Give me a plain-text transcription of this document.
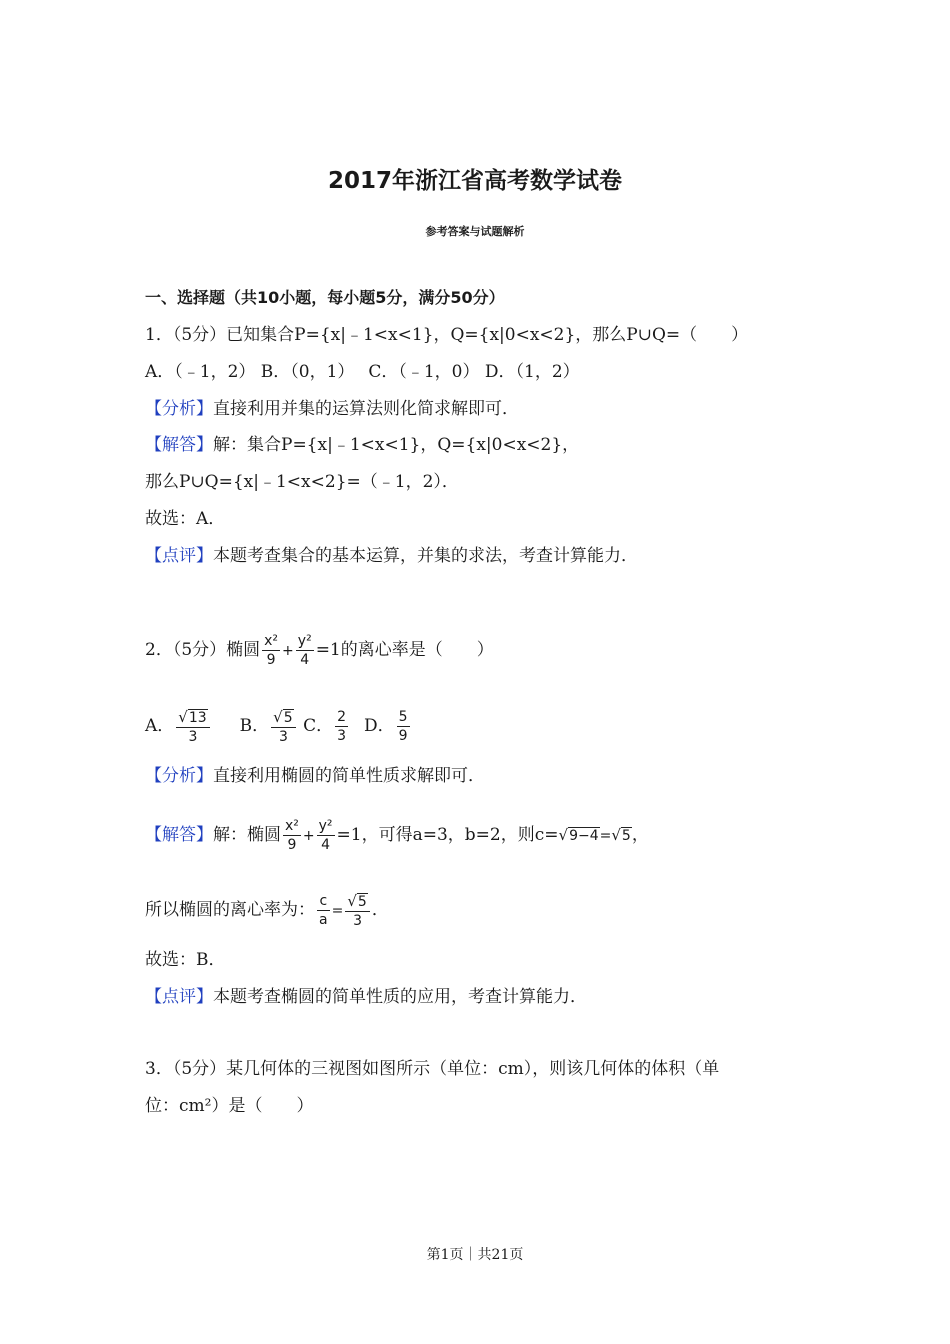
2017年浙江省高考数学试卷
参考答案与试题解析
一、选择题（共10小题，每小题5分，满分50分）
1．（5分）已知集合P={x|﹣1<x<1}，Q={x|0<x<2}，那么P∪Q=（　　）
A．（﹣1，2） B．（0，1）　 C．（﹣1，0） D．（1，2）
【分析】直接利用并集的运算法则化简求解即可．
【解答】解：集合P={x|﹣1<x<1}，Q={x|0<x<2}，
那么P∪Q={x|﹣1<x<2}=（﹣1，2）．
故选：A．
【点评】本题考查集合的基本运算，并集的求法，考查计算能力．
2．（5分）椭圆 $\frac{\text{x²}}{9} + \frac{\text{y²}}{4} =1$的离心率是（　　）
A． $\frac{√13}{3}$ B． $\frac{√5}{3}$ C． $\frac{2}{3}$ D． $\frac{5}{9}$
【分析】直接利用椭圆的简单性质求解即可．
【解答】解：椭圆 $\frac{\text{x²}}{9} + \frac{\text{y²}}{4} =1$，可得a=3，b=2，则c=√9−4=√5，
所以椭圆的离心率为： $\frac{c}{a} = \frac{√5}{3}$ ．
故选：B．
【点评】本题考查椭圆的简单性质的应用，考查计算能力．
3．（5分）某几何体的三视图如图所示（单位：cm），则该几何体的体积（单
位：cm²）是（　　）
第1页｜共21页
